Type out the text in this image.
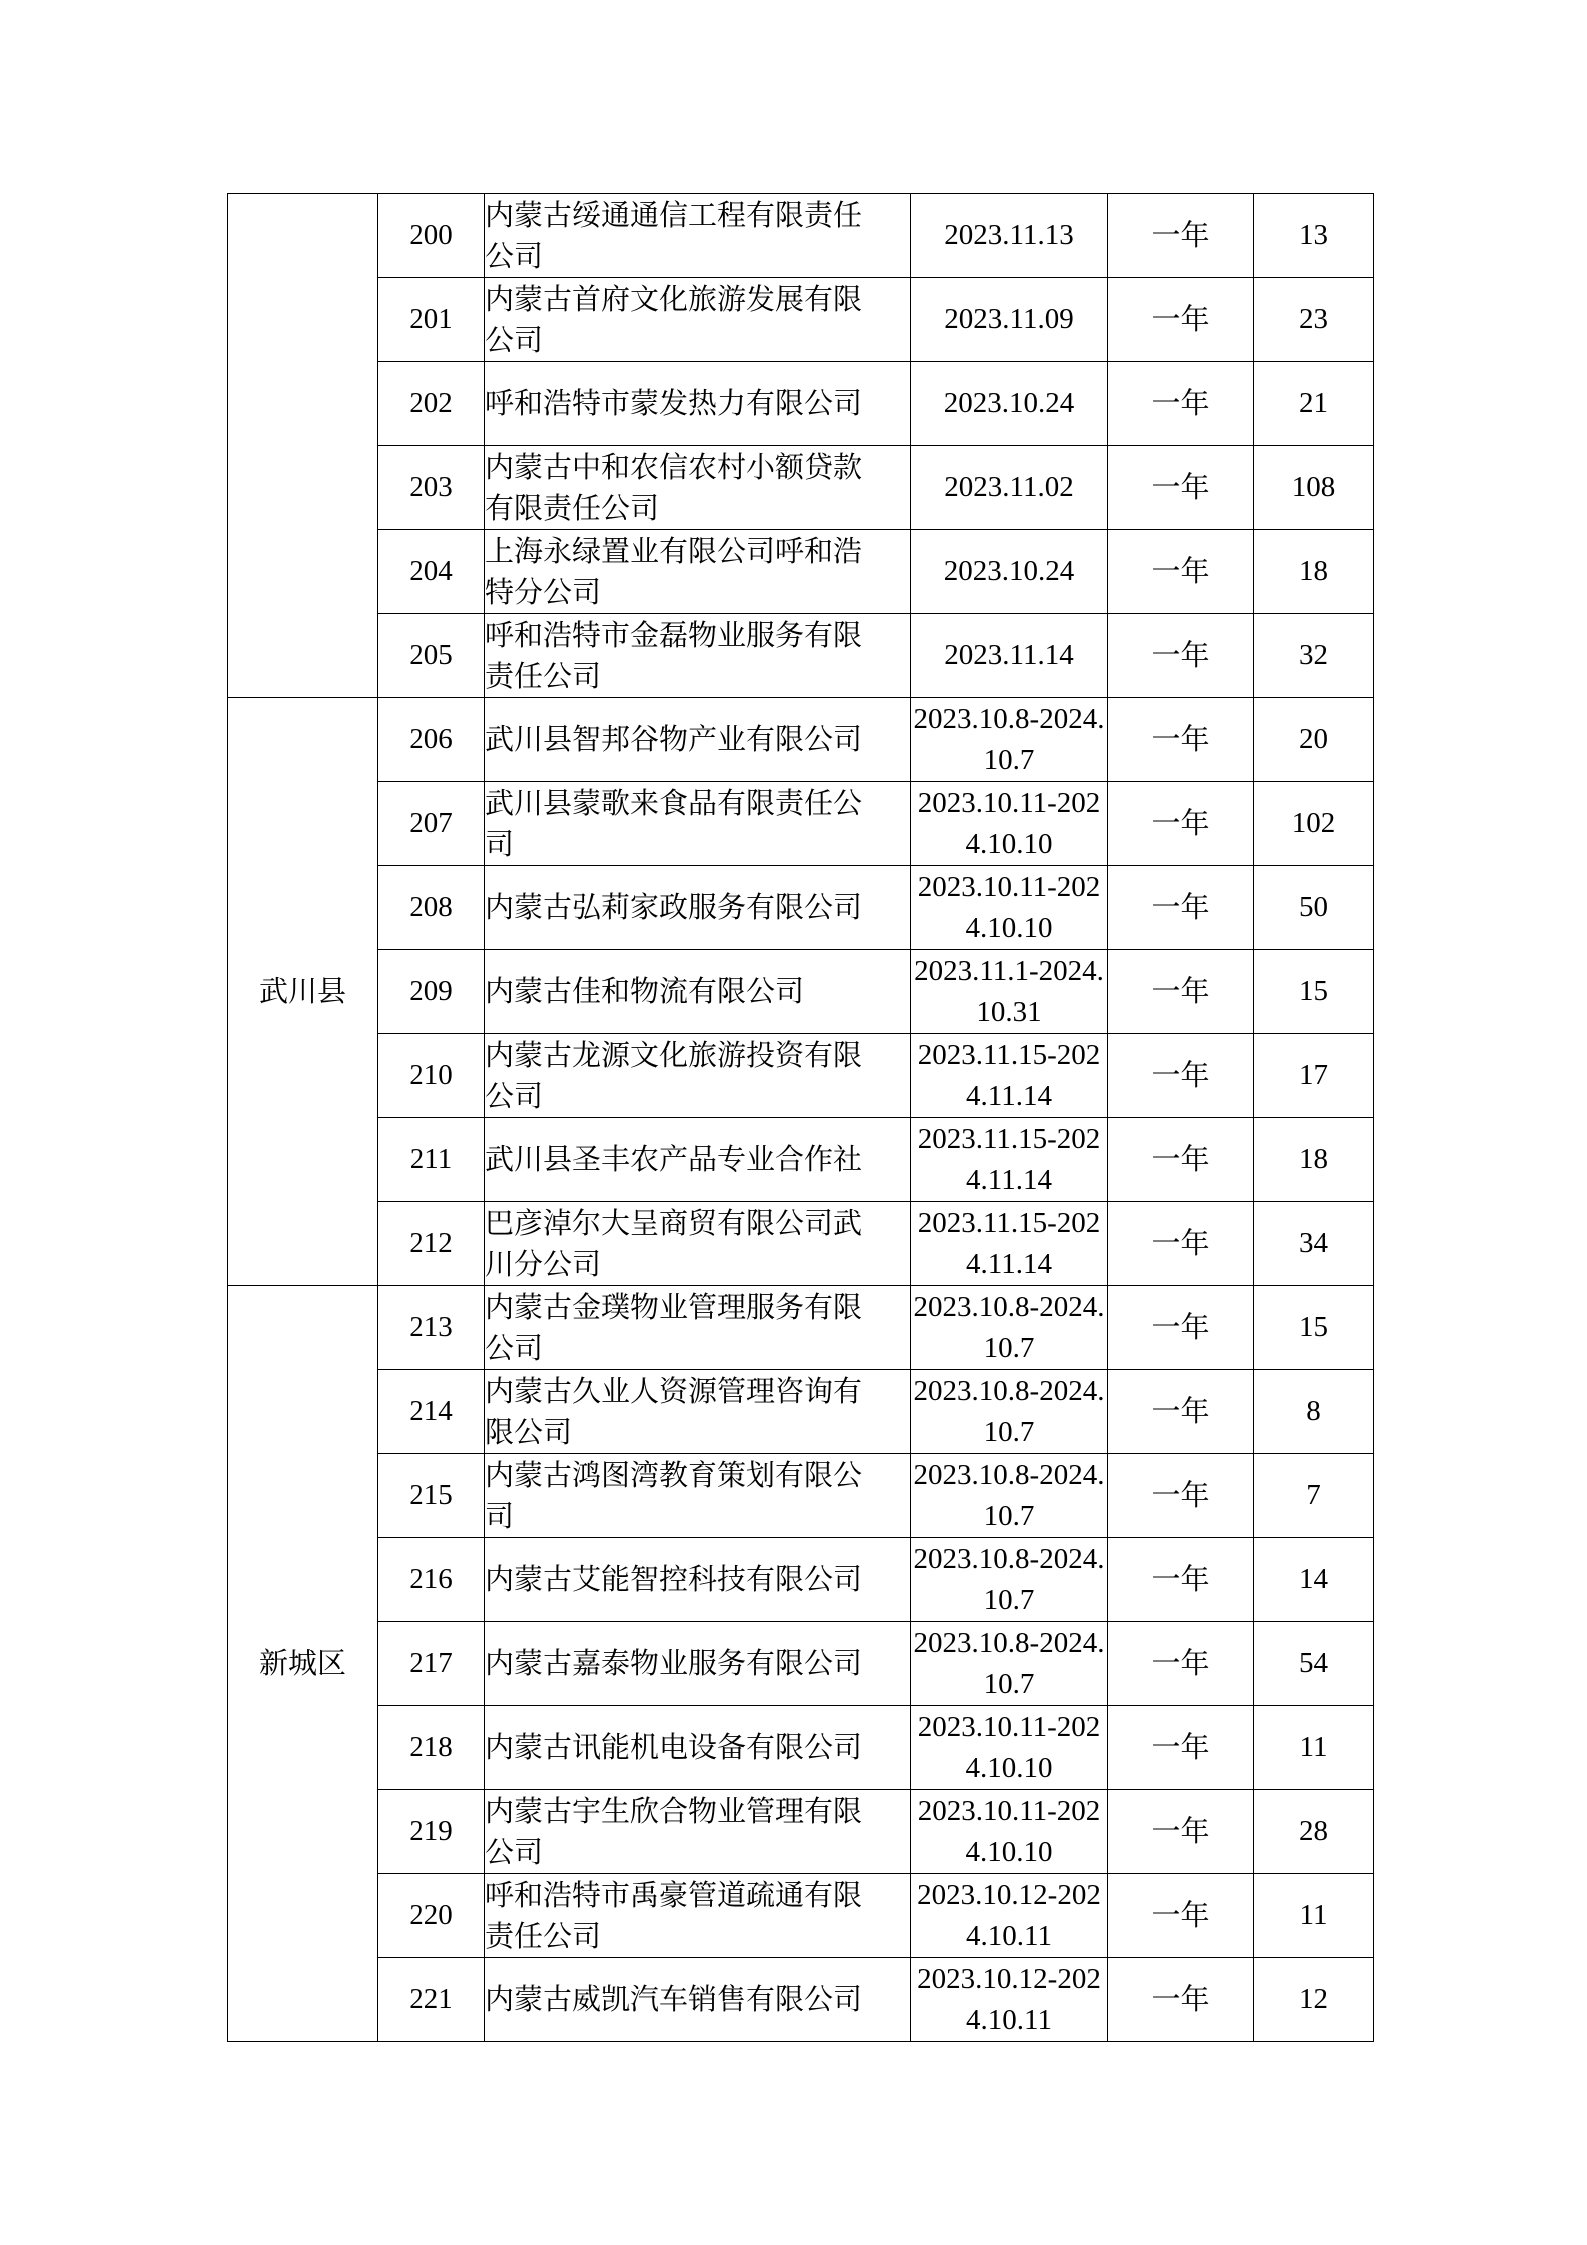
	200	内蒙古绥通通信工程有限责任公司	2023.11.13	一年	13
	201	内蒙古首府文化旅游发展有限公司	2023.11.09	一年	23
	202	呼和浩特市蒙发热力有限公司	2023.10.24	一年	21
	203	内蒙古中和农信农村小额贷款有限责任公司	2023.11.02	一年	108
	204	上海永绿置业有限公司呼和浩特分公司	2023.10.24	一年	18
	205	呼和浩特市金磊物业服务有限责任公司	2023.11.14	一年	32
武川县	206	武川县智邦谷物产业有限公司	2023.10.8-2024.10.7	一年	20
	207	武川县蒙歌来食品有限责任公司	2023.10.11-2024.10.10	一年	102
	208	内蒙古弘莉家政服务有限公司	2023.10.11-2024.10.10	一年	50
	209	内蒙古佳和物流有限公司	2023.11.1-2024.10.31	一年	15
	210	内蒙古龙源文化旅游投资有限公司	2023.11.15-2024.11.14	一年	17
	211	武川县圣丰农产品专业合作社	2023.11.15-2024.11.14	一年	18
	212	巴彦淖尔大呈商贸有限公司武川分公司	2023.11.15-2024.11.14	一年	34
新城区	213	内蒙古金璞物业管理服务有限公司	2023.10.8-2024.10.7	一年	15
	214	内蒙古久业人资源管理咨询有限公司	2023.10.8-2024.10.7	一年	8
	215	内蒙古鸿图湾教育策划有限公司	2023.10.8-2024.10.7	一年	7
	216	内蒙古艾能智控科技有限公司	2023.10.8-2024.10.7	一年	14
	217	内蒙古嘉泰物业服务有限公司	2023.10.8-2024.10.7	一年	54
	218	内蒙古讯能机电设备有限公司	2023.10.11-2024.10.10	一年	11
	219	内蒙古宇生欣合物业管理有限公司	2023.10.11-2024.10.10	一年	28
	220	呼和浩特市禹豪管道疏通有限责任公司	2023.10.12-2024.10.11	一年	11
	221	内蒙古威凯汽车销售有限公司	2023.10.12-2024.10.11	一年	12
